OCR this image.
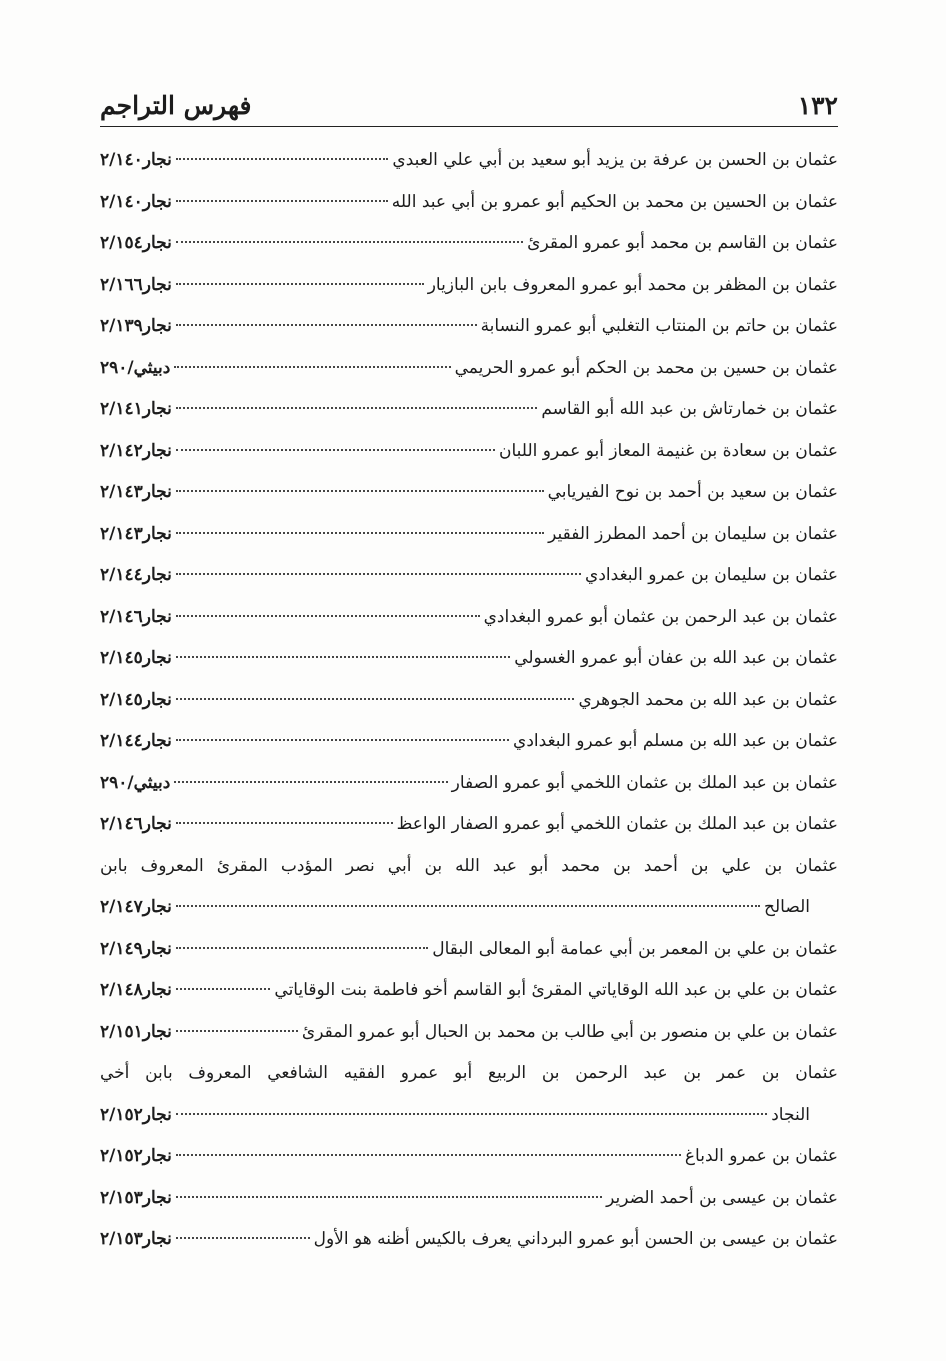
فهرس التراجم	١٣٢
نجار٢/١٤٠	عثمان بن الحسن بن عرفة بن يزيد أبو سعيد بن أبي علي العبدي
نجار٢/١٤٠	عثمان بن الحسين بن محمد بن الحكيم أبو عمرو بن أبي عبد الله
نجار٢/١٥٤	عثمان بن القاسم بن محمد أبو عمرو المقرئ
نجار٢/١٦٦	عثمان بن المظفر بن محمد أبو عمرو المعروف بابن البازيار
نجار٢/١٣٩	عثمان بن حاتم بن المنتاب التغلبي أبو عمرو النسابة
دبيثي/٢٩٠	عثمان بن حسين بن محمد بن الحكم أبو عمرو الحريمي
نجار٢/١٤١	عثمان بن خمارتاش بن عبد الله أبو القاسم
نجار٢/١٤٢	عثمان بن سعادة بن غنيمة المعاز أبو عمرو اللبان
نجار٢/١٤٣	عثمان بن سعيد بن أحمد بن نوح الفيريابي
نجار٢/١٤٣	عثمان بن سليمان بن أحمد المطرز الفقير
نجار٢/١٤٤	عثمان بن سليمان بن عمرو البغدادي
نجار٢/١٤٦	عثمان بن عبد الرحمن بن عثمان أبو عمرو البغدادي
نجار٢/١٤٥	عثمان بن عبد الله بن عفان أبو عمرو الغسولي
نجار٢/١٤٥	عثمان بن عبد الله بن محمد الجوهري
نجار٢/١٤٤	عثمان بن عبد الله بن مسلم أبو عمرو البغدادي
دبيثي/٢٩٠	عثمان بن عبد الملك بن عثمان اللخمي أبو عمرو الصفار
نجار٢/١٤٦	عثمان بن عبد الملك بن عثمان اللخمي أبو عمرو الصفار الواعظ
عثمان بن علي بن أحمد بن محمد أبو عبد الله بن أبي نصر المؤدب المقرئ المعروف بابن
نجار٢/١٤٧	الصالح
نجار٢/١٤٩	عثمان بن علي بن المعمر بن أبي عمامة أبو المعالى البقال
نجار٢/١٤٨	عثمان بن علي بن عبد الله الوقاياتي المقرئ أبو القاسم أخو فاطمة بنت الوقاياتي
نجار٢/١٥١	عثمان بن علي بن منصور بن أبي طالب بن محمد بن الحبال أبو عمرو المقرئ
عثمان بن عمر بن عبد الرحمن بن الربيع أبو عمرو الفقيه الشافعي المعروف بابن أخي
نجار٢/١٥٢	النجاد
نجار٢/١٥٢	عثمان بن عمرو الدباغ
نجار٢/١٥٣	عثمان بن عيسى بن أحمد الضرير
نجار٢/١٥٣	عثمان بن عيسى بن الحسن أبو عمرو البرداني يعرف بالكيس أظنه هو الأول
